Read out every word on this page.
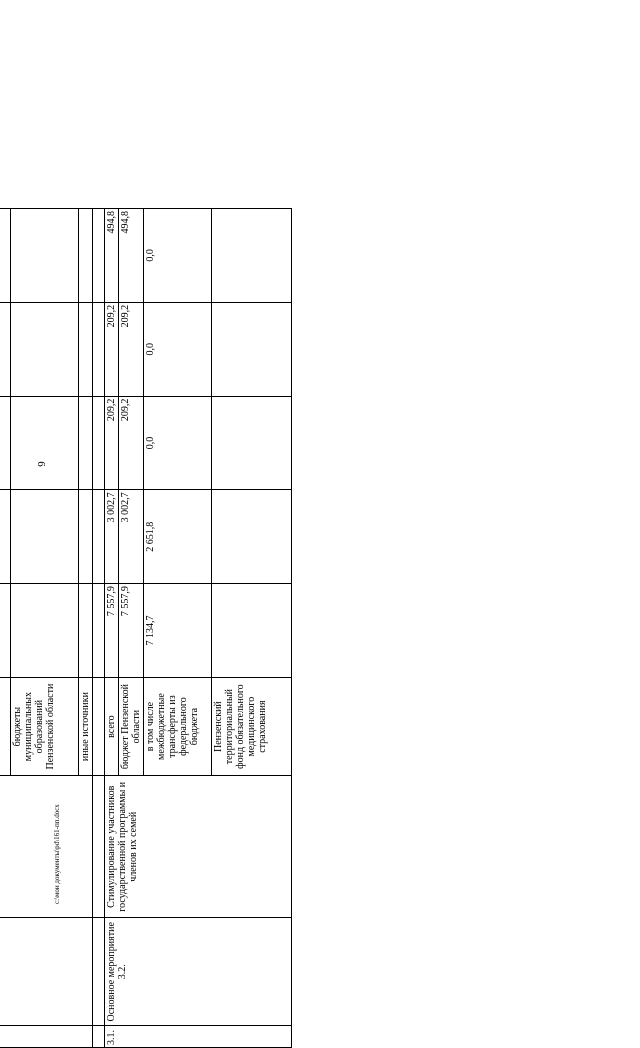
6
c:\мои документы\pd\161-пп.docx

			бюджеты муниципальных образований Пензенской области					
			иные источники					

3.1.	Основное мероприятие 3.2.	Стимулирование участников государственной программы и членов их семей	всего	7 557,9	3 002,7	209,2	209,2	494,8
			бюджет Пензенской области	7 557,9	3 002,7	209,2	209,2	494,8
			в том числе межбюджетные трансферты из федерального бюджета	7 134,7	2 651,8	0,0	0,0	0,0
			Пензенский территориальный фонд обязательного медицинского страхования					
